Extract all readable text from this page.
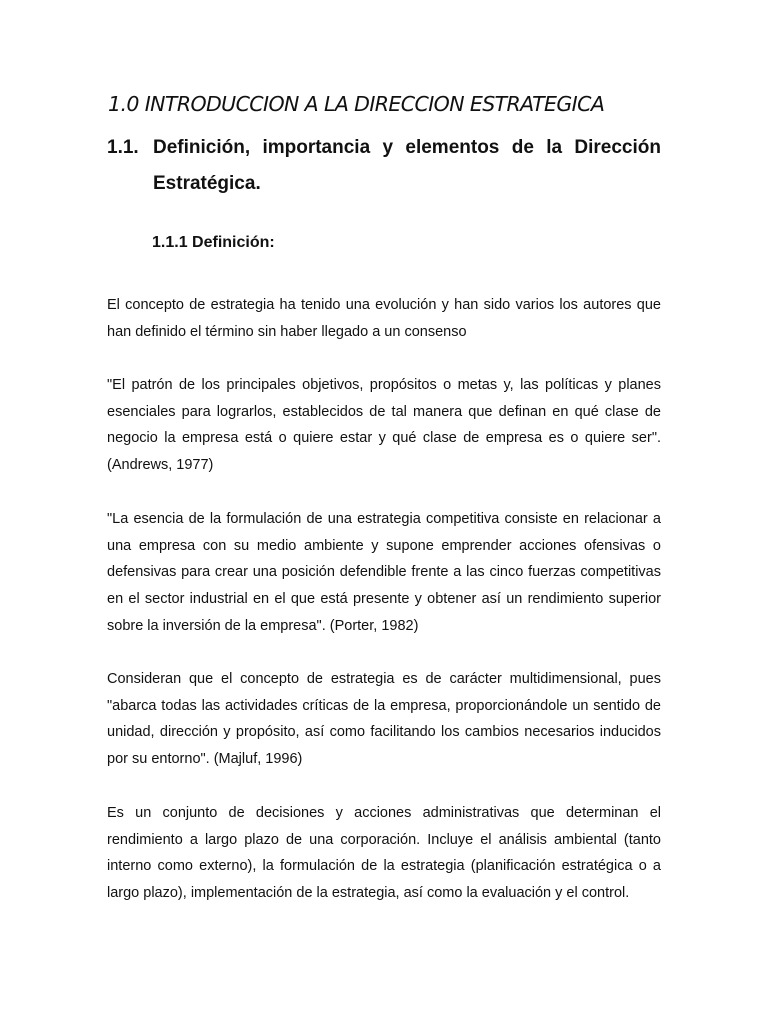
1.0 INTRODUCCION A LA DIRECCION ESTRATEGICA
1.1. Definición, importancia y elementos de la Dirección Estratégica.
1.1.1 Definición:

El concepto de estrategia ha tenido una evolución y han sido varios los autores que han definido el término sin haber llegado a un consenso

"El patrón de los principales objetivos, propósitos o metas y, las políticas y planes esenciales para lograrlos, establecidos de tal manera que definan en qué clase de negocio la empresa está o quiere estar y qué clase de empresa es o quiere ser". (Andrews, 1977)

"La esencia de la formulación de una estrategia competitiva consiste en relacionar a una empresa con su medio ambiente y supone emprender acciones ofensivas o defensivas para crear una posición defendible frente a las cinco fuerzas competitivas en el sector industrial en el que está presente y obtener así un rendimiento superior sobre la inversión de la empresa". (Porter, 1982)

Consideran que el concepto de estrategia es de carácter multidimensional, pues "abarca todas las actividades críticas de la empresa, proporcionándole un sentido de unidad, dirección y propósito, así como facilitando los cambios necesarios inducidos por su entorno". (Majluf, 1996)

Es un conjunto de decisiones y acciones administrativas que determinan el rendimiento a largo plazo de una corporación. Incluye el análisis ambiental (tanto interno como externo), la formulación de la estrategia (planificación estratégica o a largo plazo), implementación de la estrategia, así como la evaluación y el control.
